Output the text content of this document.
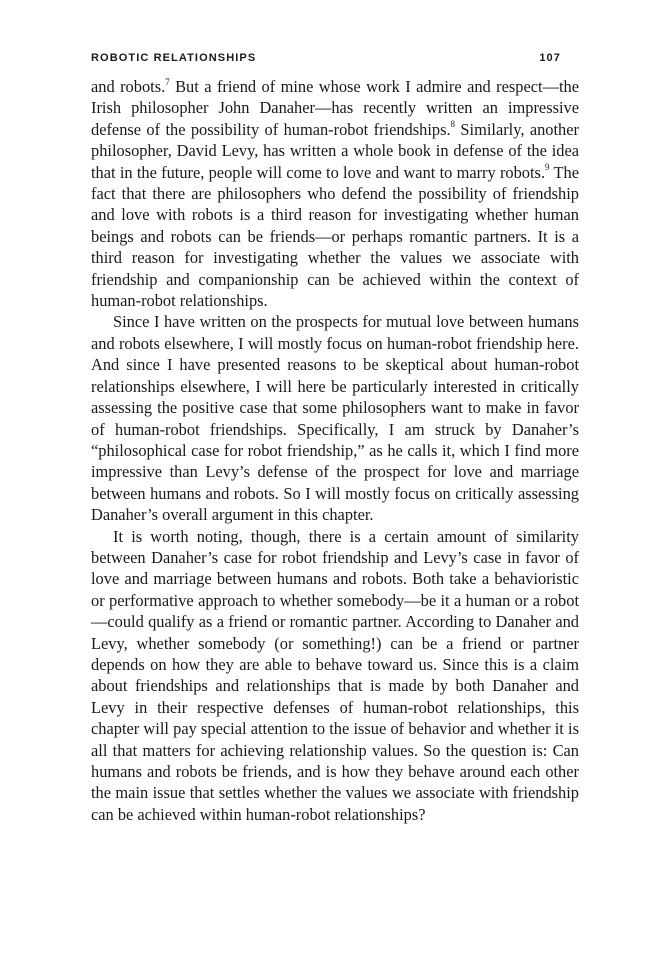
ROBOTIC RELATIONSHIPS	107

and robots.$^7$ But a friend of mine whose work I admire and respect—the Irish philosopher John Danaher—has recently written an impressive defense of the possibility of human-robot friendships.$^8$ Similarly, another philosopher, David Levy, has written a whole book in defense of the idea that in the future, people will come to love and want to marry robots.$^9$ The fact that there are philosophers who defend the possibility of friendship and love with robots is a third reason for investigating whether human beings and robots can be friends—or perhaps romantic partners. It is a third reason for investigating whether the values we associate with friendship and companionship can be achieved within the context of human-robot relationships.

Since I have written on the prospects for mutual love between humans and robots elsewhere, I will mostly focus on human-robot friendship here. And since I have presented reasons to be skeptical about human-robot relationships elsewhere, I will here be particularly interested in critically assessing the positive case that some philosophers want to make in favor of human-robot friendships. Specifically, I am struck by Danaher’s “philosophical case for robot friendship,” as he calls it, which I find more impressive than Levy’s defense of the prospect for love and marriage between humans and robots. So I will mostly focus on critically assessing Danaher’s overall argument in this chapter.

It is worth noting, though, there is a certain amount of similarity between Danaher’s case for robot friendship and Levy’s case in favor of love and marriage between humans and robots. Both take a behavioristic or performative approach to whether somebody—be it a human or a robot—could qualify as a friend or romantic partner. According to Danaher and Levy, whether somebody (or something!) can be a friend or partner depends on how they are able to behave toward us. Since this is a claim about friendships and relationships that is made by both Danaher and Levy in their respective defenses of human-robot relationships, this chapter will pay special attention to the issue of behavior and whether it is all that matters for achieving relationship values. So the question is: Can humans and robots be friends, and is how they behave around each other the main issue that settles whether the values we associate with friendship can be achieved within human-robot relationships?
